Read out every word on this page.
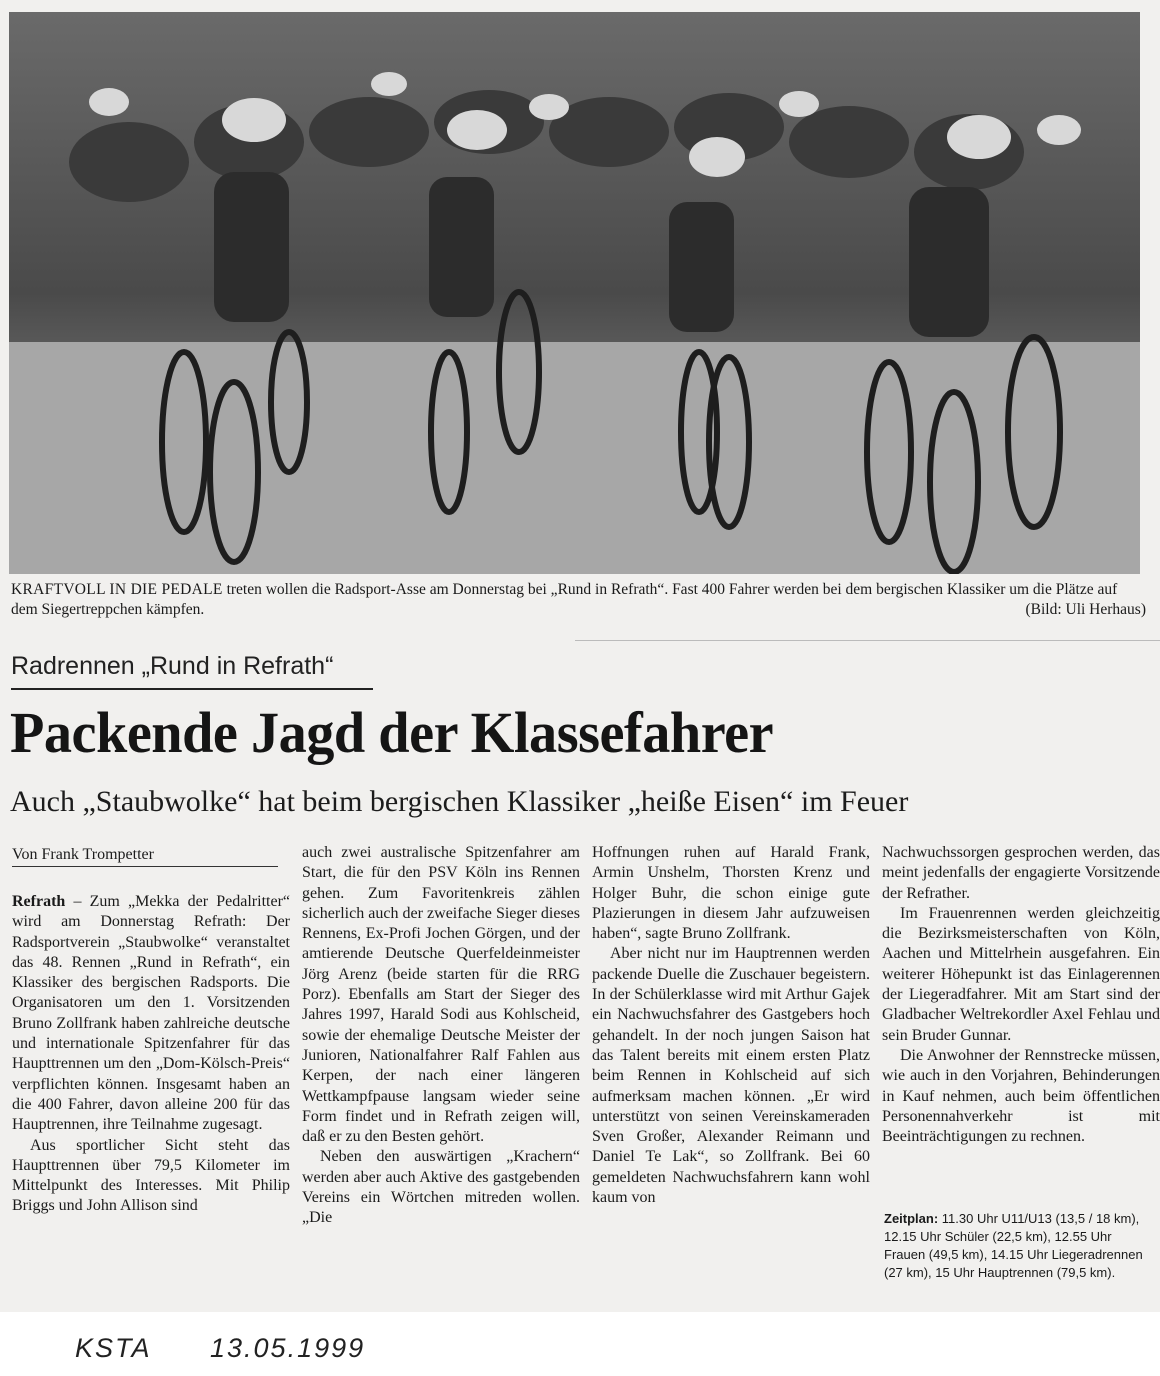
KRAFTVOLL IN DIE PEDALE treten wollen die Radsport-Asse am Donnerstag bei „Rund in Refrath“. Fast 400 Fahrer werden bei dem bergischen Klassiker um die Plätze auf dem Siegertreppchen kämpfen.	(Bild: Uli Herhaus)
Radrennen „Rund in Refrath“
Packende Jagd der Klassefahrer
Auch „Staubwolke“ hat beim bergischen Klassiker „heiße Eisen“ im Feuer
Von Frank Trompetter

Refrath – Zum „Mekka der Pedalritter“ wird am Donnerstag Refrath: Der Radsportverein „Staubwolke“ veranstaltet das 48. Rennen „Rund in Refrath“, ein Klassiker des bergischen Radsports. Die Organisatoren um den 1. Vorsitzenden Bruno Zollfrank haben zahlreiche deutsche und internationale Spitzenfahrer für das Haupttrennen um den „Dom-Kölsch-Preis“ verpflichten können. Insgesamt haben an die 400 Fahrer, davon alleine 200 für das Hauptrennen, ihre Teilnahme zugesagt.

Aus sportlicher Sicht steht das Haupttrennen über 79,5 Kilometer im Mittelpunkt des Interesses. Mit Philip Briggs und John Allison sind

auch zwei australische Spitzenfahrer am Start, die für den PSV Köln ins Rennen gehen. Zum Favoritenkreis zählen sicherlich auch der zweifache Sieger dieses Rennens, Ex-Profi Jochen Görgen, und der amtierende Deutsche Querfeldeinmeister Jörg Arenz (beide starten für die RRG Porz). Ebenfalls am Start der Sieger des Jahres 1997, Harald Sodi aus Kohlscheid, sowie der ehemalige Deutsche Meister der Junioren, Nationalfahrer Ralf Fahlen aus Kerpen, der nach einer längeren Wettkampfpause langsam wieder seine Form findet und in Refrath zeigen will, daß er zu den Besten gehört.

Neben den auswärtigen „Krachern“ werden aber auch Aktive des gastgebenden Vereins ein Wörtchen mitreden wollen. „Die

Hoffnungen ruhen auf Harald Frank, Armin Unshelm, Thorsten Krenz und Holger Buhr, die schon einige gute Plazierungen in diesem Jahr aufzuweisen haben“, sagte Bruno Zollfrank.

Aber nicht nur im Hauptrennen werden packende Duelle die Zuschauer begeistern. In der Schülerklasse wird mit Arthur Gajek ein Nachwuchsfahrer des Gastgebers hoch gehandelt. In der noch jungen Saison hat das Talent bereits mit einem ersten Platz beim Rennen in Kohlscheid auf sich aufmerksam machen können. „Er wird unterstützt von seinen Vereinskameraden Sven Großer, Alexander Reimann und Daniel Te Lak“, so Zollfrank. Bei 60 gemeldeten Nachwuchsfahrern kann wohl kaum von

Nachwuchssorgen gesprochen werden, das meint jedenfalls der engagierte Vorsitzende der Refrather.

Im Frauenrennen werden gleichzeitig die Bezirksmeisterschaften von Köln, Aachen und Mittelrhein ausgefahren. Ein weiterer Höhepunkt ist das Einlagerennen der Liegeradfahrer. Mit am Start sind der Gladbacher Weltrekordler Axel Fehlau und sein Bruder Gunnar.

Die Anwohner der Rennstrecke müssen, wie auch in den Vorjahren, Behinderungen in Kauf nehmen, auch beim öffentlichen Personennahverkehr ist mit Beeinträchtigungen zu rechnen.

Zeitplan: 11.30 Uhr U11/U13 (13,5 / 18 km), 12.15 Uhr Schüler (22,5 km), 12.55 Uhr Frauen (49,5 km), 14.15 Uhr Liegeradrennen (27 km), 15 Uhr Hauptrennen (79,5 km).
KSTA 13.05.1999
